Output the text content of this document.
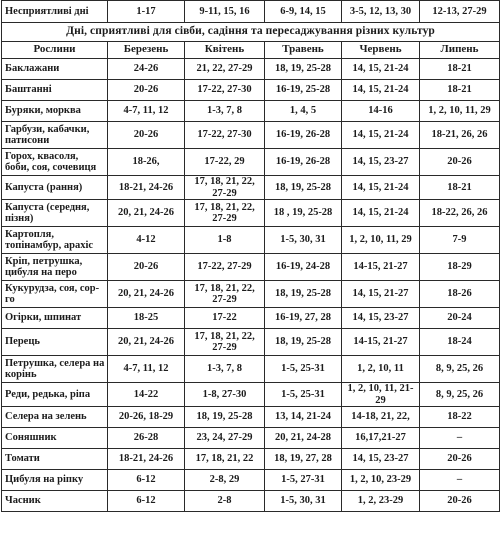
Несприятливі дні	1-17	9-11, 15, 16	6-9, 14, 15	3-5, 12, 13, 30	12-13, 27-29
Дні, сприятливі для сівби, садіння та пересаджування різних культур					
Рослини	Березень	Квітень	Травень	Червень	Липень
Баклажани	24-26	21, 22, 27-29	18, 19, 25-28	14, 15, 21-24	18-21
Баштанні	20-26	17-22, 27-30	16-19, 25-28	14, 15, 21-24	18-21
Буряки, морква	4-7, 11, 12	1-3, 7, 8	1, 4, 5	14-16	1, 2, 10, 11, 29
Гарбузи, кабачки, патисони	20-26	17-22, 27-30	16-19, 26-28	14, 15, 21-24	18-21, 26, 26
Горох, квасоля, боби, соя, сочевиця	18-26,	17-22, 29	16-19, 26-28	14, 15, 23-27	20-26
Капуста (рання)	18-21, 24-26	17, 18, 21, 22, 27-29	18, 19, 25-28	14, 15, 21-24	18-21
Капуста (середня, пізня)	20, 21, 24-26	17, 18, 21, 22, 27-29	18 , 19, 25-28	14, 15, 21-24	18-22, 26, 26
Картопля, топінамбур, арахіс	4-12	1-8	1-5, 30, 31	1, 2, 10, 11, 29	7-9
Кріп, петрушка, цибуля на перо	20-26	17-22, 27-29	16-19, 24-28	14-15, 21-27	18-29
Кукурудза, соя, сор-го	20, 21, 24-26	17, 18, 21, 22, 27-29	18, 19, 25-28	14, 15, 21-27	18-26
Огірки, шпинат	18-25	17-22	16-19, 27, 28	14, 15, 23-27	20-24
Перець	20, 21, 24-26	17, 18, 21, 22, 27-29	18, 19, 25-28	14-15, 21-27	18-24
Петрушка, селера на корінь	4-7, 11, 12	1-3, 7, 8	1-5, 25-31	1, 2, 10, 11	8, 9, 25, 26
Реди, редька, ріпа	14-22	1-8, 27-30	1-5, 25-31	1, 2, 10, 11, 21-29	8, 9, 25, 26
Селера на зелень	20-26, 18-29	18, 19, 25-28	13, 14, 21-24	14-18, 21, 22,	18-22
Соняшник	26-28	23, 24, 27-29	20, 21, 24-28	16,17,21-27	–
Томати	18-21, 24-26	17, 18, 21, 22	18, 19, 27, 28	14, 15, 23-27	20-26
Цибуля на ріпку	6-12	2-8, 29	1-5, 27-31	1, 2, 10, 23-29	–
Часник	6-12	2-8	1-5, 30, 31	1, 2, 23-29	20-26
